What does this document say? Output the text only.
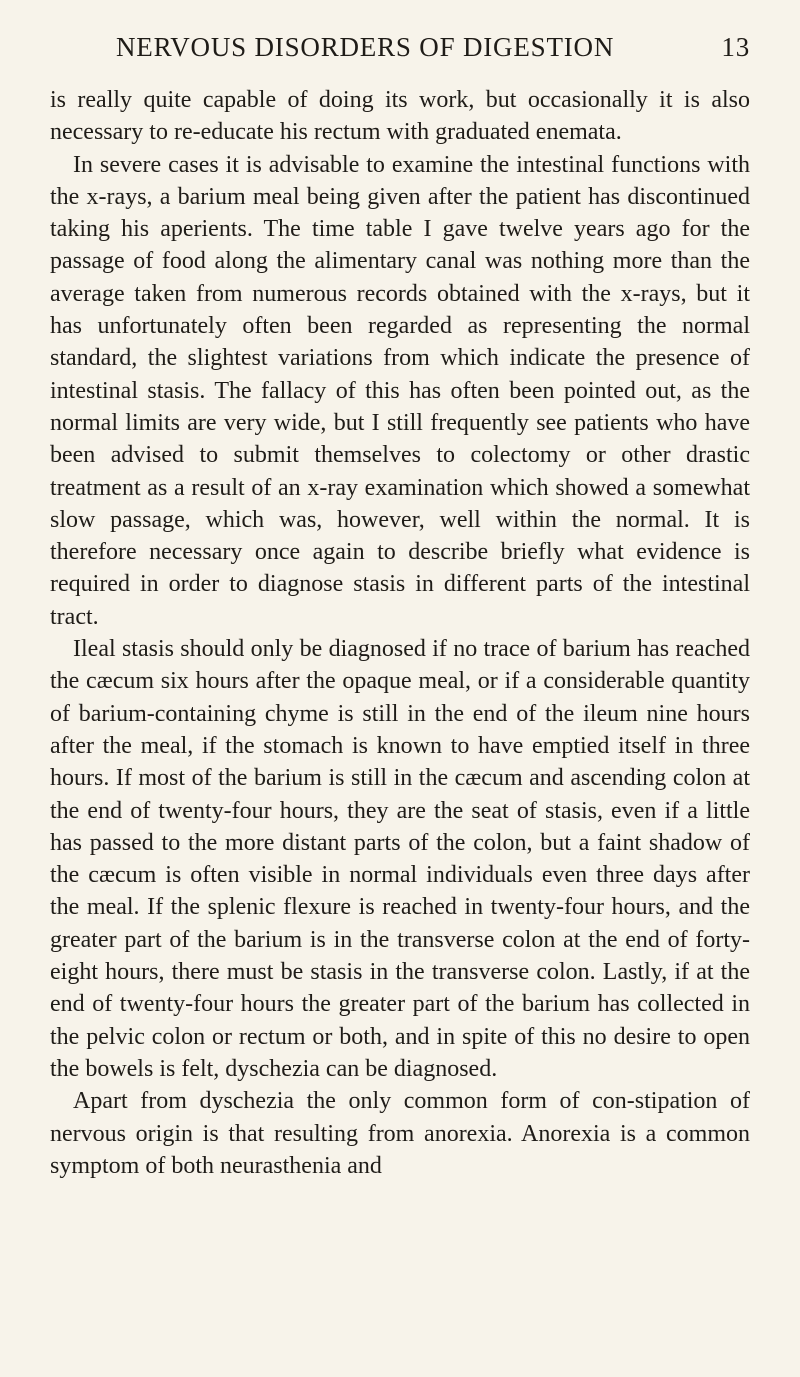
NERVOUS DISORDERS OF DIGESTION	13

is really quite capable of doing its work, but occasionally it is also necessary to re-educate his rectum with graduated enemata.

In severe cases it is advisable to examine the intestinal functions with the x-rays, a barium meal being given after the patient has discontinued taking his aperients. The time table I gave twelve years ago for the passage of food along the alimentary canal was nothing more than the average taken from numerous records obtained with the x-rays, but it has unfortunately often been regarded as representing the normal standard, the slightest variations from which indicate the presence of intestinal stasis. The fallacy of this has often been pointed out, as the normal limits are very wide, but I still frequently see patients who have been advised to submit themselves to colectomy or other drastic treatment as a result of an x-ray examination which showed a somewhat slow passage, which was, however, well within the normal. It is therefore necessary once again to describe briefly what evidence is required in order to diagnose stasis in different parts of the intestinal tract.

Ileal stasis should only be diagnosed if no trace of barium has reached the cæcum six hours after the opaque meal, or if a considerable quantity of barium-containing chyme is still in the end of the ileum nine hours after the meal, if the stomach is known to have emptied itself in three hours. If most of the barium is still in the cæcum and ascending colon at the end of twenty-four hours, they are the seat of stasis, even if a little has passed to the more distant parts of the colon, but a faint shadow of the cæcum is often visible in normal individuals even three days after the meal. If the splenic flexure is reached in twenty-four hours, and the greater part of the barium is in the transverse colon at the end of forty-eight hours, there must be stasis in the transverse colon. Lastly, if at the end of twenty-four hours the greater part of the barium has collected in the pelvic colon or rectum or both, and in spite of this no desire to open the bowels is felt, dyschezia can be diagnosed.

Apart from dyschezia the only common form of con-stipation of nervous origin is that resulting from anorexia. Anorexia is a common symptom of both neurasthenia and
